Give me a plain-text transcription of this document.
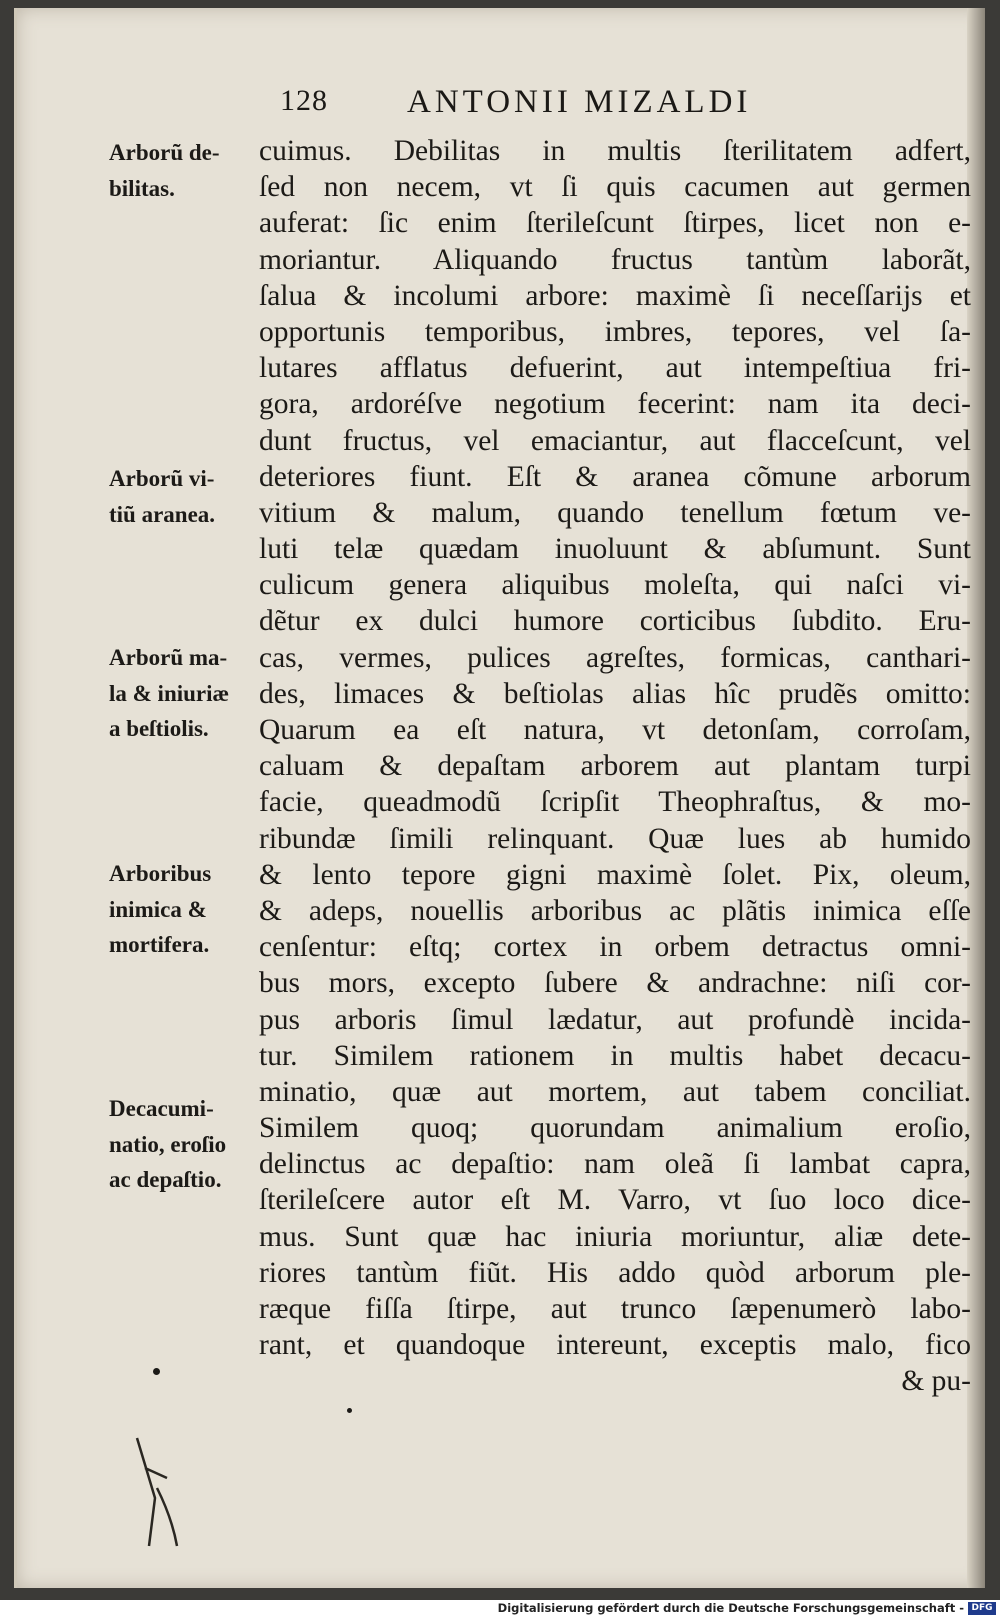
128 ANTONII MIZALDI
Arborũ de-
bilitas.
Arborũ vi-
tiũ aranea.
Arborũ ma-
la & iniuriæ
a beſtiolis.
Arboribus
inimica &
mortifera.
Decacumi-
natio, eroſio
ac depaſtio.
cuimus. Debilitas in multis ſterilitatem adfert,
ſed non necem, vt ſi quis cacumen aut germen
auferat: ſic enim ſterileſcunt ſtirpes, licet non e-
moriantur. Aliquando fructus tantùm laborãt,
ſalua & incolumi arbore: maximè ſi neceſſarijs et
opportunis temporibus, imbres, tepores, vel ſa-
lutares afflatus defuerint, aut intempeſtiua fri-
gora, ardoréſve negotium fecerint: nam ita deci-
dunt fructus, vel emaciantur, aut flacceſcunt, vel
deteriores fiunt. Eſt & aranea cõmune arborum
vitium & malum, quando tenellum fœtum ve-
luti telæ quædam inuoluunt & abſumunt. Sunt
culicum genera aliquibus moleſta, qui naſci vi-
dẽtur ex dulci humore corticibus ſubdito. Eru-
cas, vermes, pulices agreſtes, formicas, canthari-
des, limaces & beſtiolas alias hîc prudẽs omitto:
Quarum ea eſt natura, vt detonſam, corroſam,
caluam & depaſtam arborem aut plantam turpi
facie, queadmodũ ſcripſit Theophraſtus, & mo-
ribundæ ſimili relinquant. Quæ lues ab humido
& lento tepore gigni maximè ſolet. Pix, oleum,
& adeps, nouellis arboribus ac plãtis inimica eſſe
cenſentur: eſtq; cortex in orbem detractus omni-
bus mors, excepto ſubere & andrachne: niſi cor-
pus arboris ſimul lædatur, aut profundè incida-
tur. Similem rationem in multis habet decacu-
minatio, quæ aut mortem, aut tabem conciliat.
Similem quoq; quorundam animalium eroſio,
delinctus ac depaſtio: nam oleã ſi lambat capra,
ſterileſcere autor eſt M. Varro, vt ſuo loco dice-
mus. Sunt quæ hac iniuria moriuntur, aliæ dete-
riores tantùm fiũt. His addo quòd arborum ple-
ræque fiſſa ſtirpe, aut trunco ſæpenumerò labo-
rant, et quandoque intereunt, exceptis malo, fico
& pu-
Digitalisierung gefördert durch die Deutsche Forschungsgemeinschaft - DFG
